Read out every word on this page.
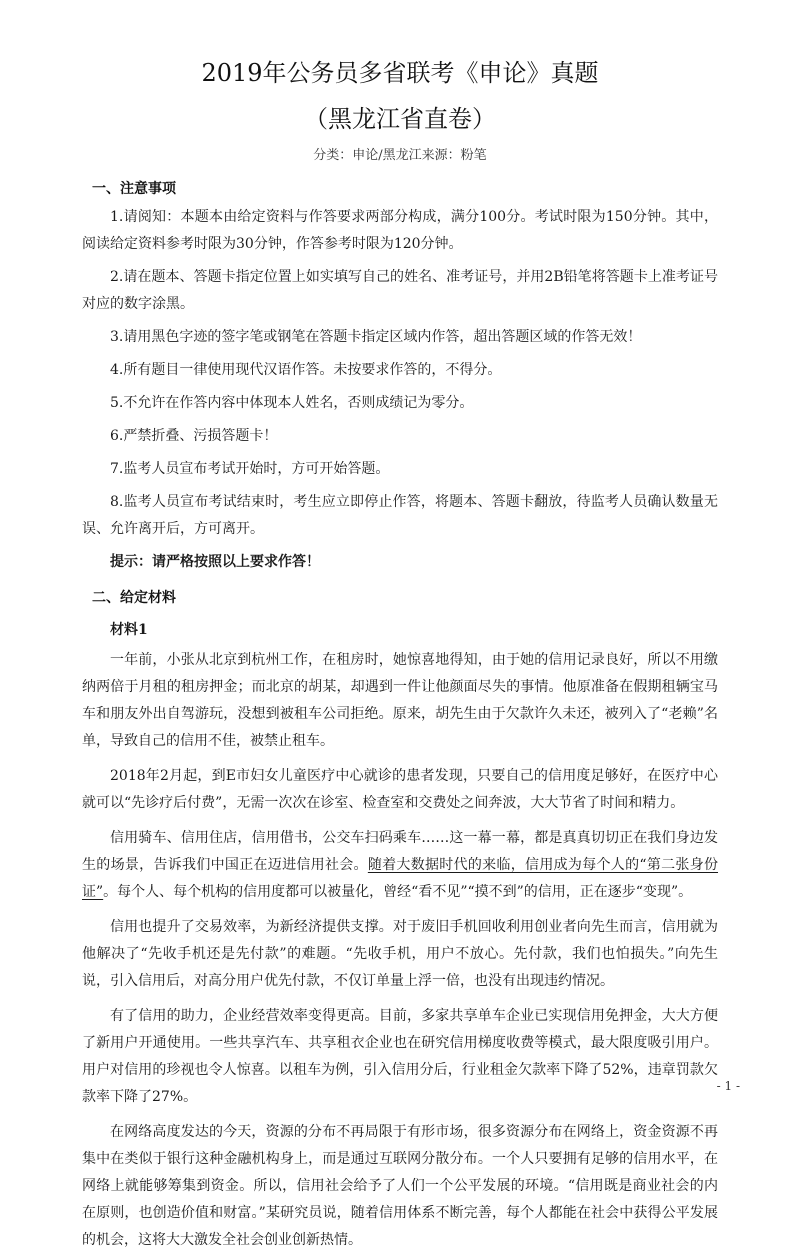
2019年公务员多省联考《申论》真题
（黑龙江省直卷）
分类：申论/黑龙江来源：粉笔
一、注意事项

1.请阅知：本题本由给定资料与作答要求两部分构成，满分100分。考试时限为150分钟。其中，阅读给定资料参考时限为30分钟，作答参考时限为120分钟。

2.请在题本、答题卡指定位置上如实填写自己的姓名、准考证号，并用2B铅笔将答题卡上准考证号对应的数字涂黑。

3.请用黑色字迹的签字笔或钢笔在答题卡指定区域内作答，超出答题区域的作答无效！

4.所有题目一律使用现代汉语作答。未按要求作答的，不得分。

5.不允许在作答内容中体现本人姓名，否则成绩记为零分。

6.严禁折叠、污损答题卡！

7.监考人员宣布考试开始时，方可开始答题。

8.监考人员宣布考试结束时，考生应立即停止作答，将题本、答题卡翻放，待监考人员确认数量无误、允许离开后，方可离开。

提示：请严格按照以上要求作答！

二、给定材料

材料1

一年前，小张从北京到杭州工作，在租房时，她惊喜地得知，由于她的信用记录良好，所以不用缴纳两倍于月租的租房押金；而北京的胡某，却遇到一件让他颜面尽失的事情。他原准备在假期租辆宝马车和朋友外出自驾游玩，没想到被租车公司拒绝。原来，胡先生由于欠款许久未还，被列入了“老赖”名单，导致自己的信用不佳，被禁止租车。

2018年2月起，到E市妇女儿童医疗中心就诊的患者发现，只要自己的信用度足够好，在医疗中心就可以“先诊疗后付费”，无需一次次在诊室、检查室和交费处之间奔波，大大节省了时间和精力。

信用骑车、信用住店，信用借书，公交车扫码乘车……这一幕一幕，都是真真切切正在我们身边发生的场景，告诉我们中国正在迈进信用社会。随着大数据时代的来临，信用成为每个人的“第二张身份证”。每个人、每个机构的信用度都可以被量化，曾经“看不见”“摸不到”的信用，正在逐步“变现”。

信用也提升了交易效率，为新经济提供支撑。对于废旧手机回收利用创业者向先生而言，信用就为他解决了“先收手机还是先付款”的难题。“先收手机，用户不放心。先付款，我们也怕损失。”向先生说，引入信用后，对高分用户优先付款，不仅订单量上浮一倍，也没有出现违约情况。

有了信用的助力，企业经营效率变得更高。目前，多家共享单车企业已实现信用免押金，大大方便了新用户开通使用。一些共享汽车、共享租衣企业也在研究信用梯度收费等模式，最大限度吸引用户。用户对信用的珍视也令人惊喜。以租车为例，引入信用分后，行业租金欠款率下降了52%，违章罚款欠款率下降了27%。

在网络高度发达的今天，资源的分布不再局限于有形市场，很多资源分布在网络上，资金资源不再集中在类似于银行这种金融机构身上，而是通过互联网分散分布。一个人只要拥有足够的信用水平，在网络上就能够筹集到资金。所以，信用社会给予了人们一个公平发展的环境。“信用既是商业社会的内在原则，也创造价值和财富。”某研究员说，随着信用体系不断完善，每个人都能在社会中获得公平发展的机会，这将大大激发全社会创业创新热情。

- 1 -
